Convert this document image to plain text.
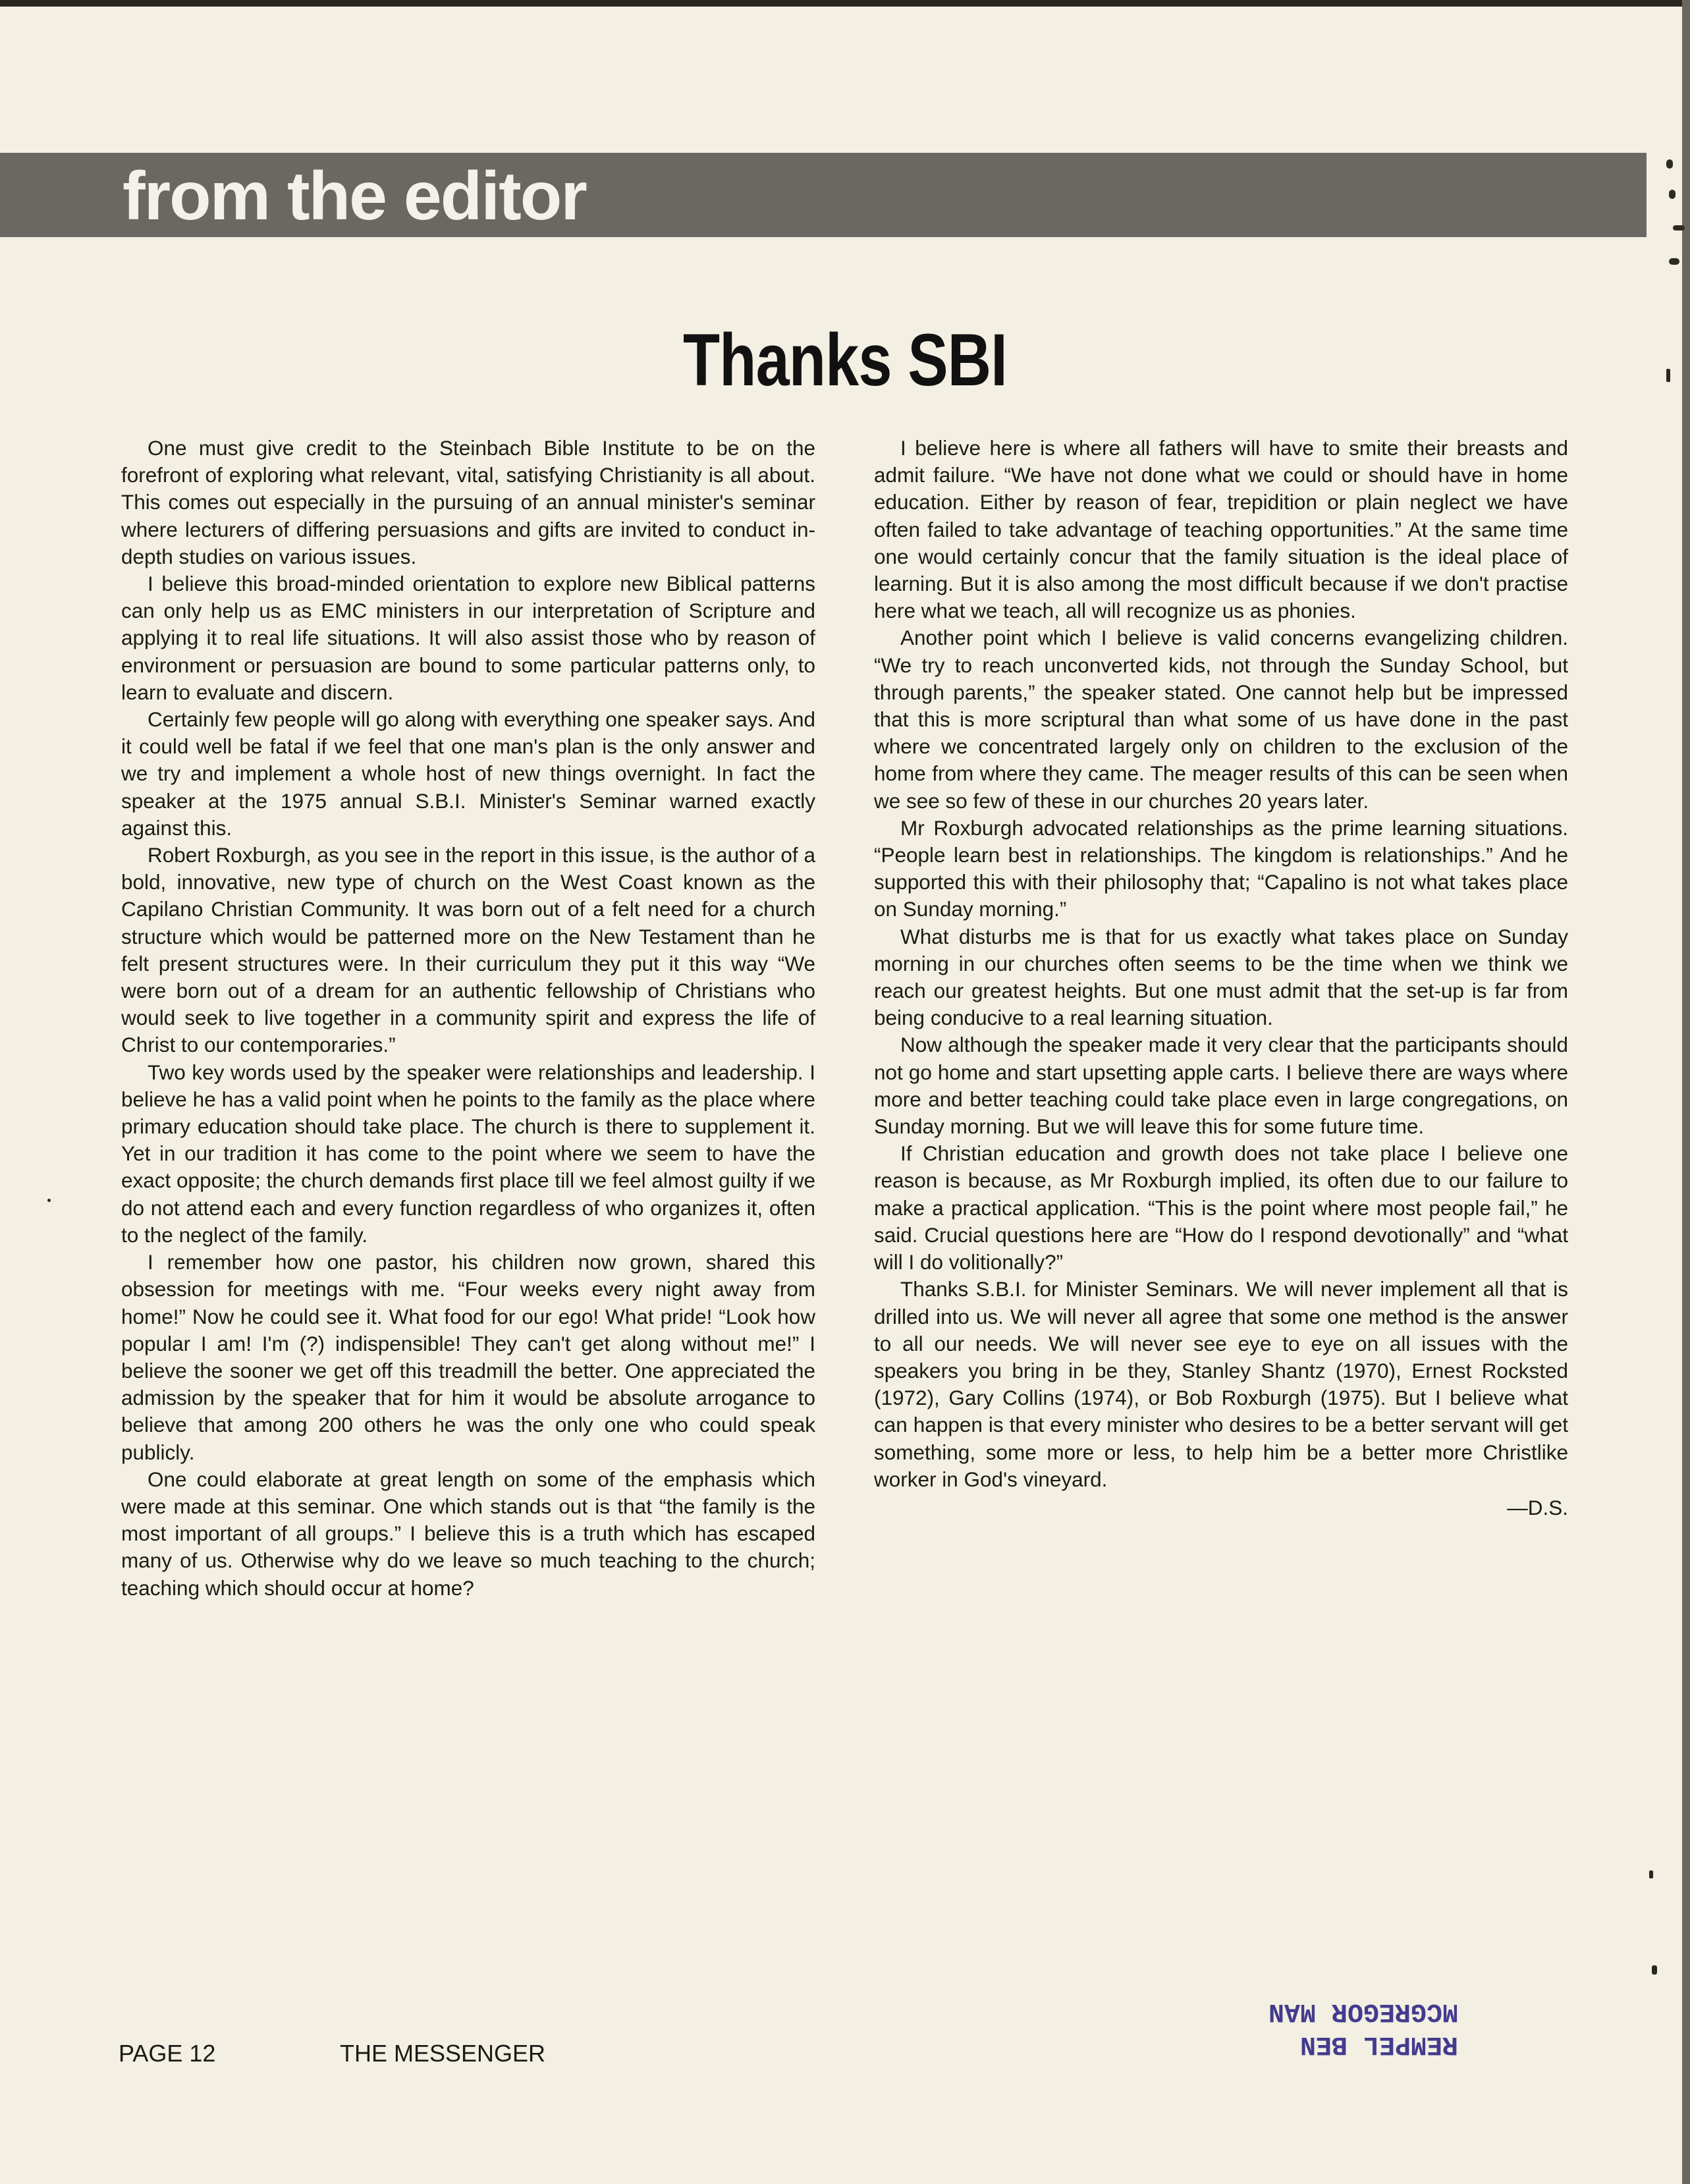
from the editor
Thanks SBI

One must give credit to the Steinbach Bible Institute to be on the forefront of exploring what relevant, vital, satisfying Christianity is all about. This comes out especially in the pursuing of an annual minister's seminar where lecturers of differing persuasions and gifts are invited to conduct in-depth studies on various issues.

I believe this broad-minded orientation to explore new Biblical patterns can only help us as EMC ministers in our interpretation of Scripture and applying it to real life situations. It will also assist those who by reason of environment or persuasion are bound to some particular patterns only, to learn to evaluate and discern.

Certainly few people will go along with everything one speaker says. And it could well be fatal if we feel that one man's plan is the only answer and we try and implement a whole host of new things overnight. In fact the speaker at the 1975 annual S.B.I. Minister's Seminar warned exactly against this.

Robert Roxburgh, as you see in the report in this issue, is the author of a bold, innovative, new type of church on the West Coast known as the Capilano Christian Community. It was born out of a felt need for a church structure which would be patterned more on the New Testament than he felt present structures were. In their curriculum they put it this way “We were born out of a dream for an authentic fellowship of Christians who would seek to live together in a community spirit and express the life of Christ to our contemporaries.”

Two key words used by the speaker were relationships and leadership. I believe he has a valid point when he points to the family as the place where primary education should take place. The church is there to supplement it. Yet in our tradition it has come to the point where we seem to have the exact opposite; the church demands first place till we feel almost guilty if we do not attend each and every function regardless of who organizes it, often to the neglect of the family.

I remember how one pastor, his children now grown, shared this obsession for meetings with me. “Four weeks every night away from home!” Now he could see it. What food for our ego! What pride! “Look how popular I am! I'm (?) indispensible! They can't get along without me!” I believe the sooner we get off this treadmill the better. One appreciated the admission by the speaker that for him it would be absolute arrogance to believe that among 200 others he was the only one who could speak publicly.

One could elaborate at great length on some of the emphasis which were made at this seminar. One which stands out is that “the family is the most important of all groups.” I believe this is a truth which has escaped many of us. Otherwise why do we leave so much teaching to the church; teaching which should occur at home?

I believe here is where all fathers will have to smite their breasts and admit failure. “We have not done what we could or should have in home education. Either by reason of fear, trepidition or plain neglect we have often failed to take advantage of teaching opportunities.” At the same time one would certainly concur that the family situation is the ideal place of learning. But it is also among the most difficult because if we don't practise here what we teach, all will recognize us as phonies.

Another point which I believe is valid concerns evangelizing children. “We try to reach unconverted kids, not through the Sunday School, but through parents,” the speaker stated. One cannot help but be impressed that this is more scriptural than what some of us have done in the past where we concentrated largely only on children to the exclusion of the home from where they came. The meager results of this can be seen when we see so few of these in our churches 20 years later.

Mr Roxburgh advocated relationships as the prime learning situations. “People learn best in relationships. The kingdom is relationships.” And he supported this with their philosophy that; “Capalino is not what takes place on Sunday morning.”

What disturbs me is that for us exactly what takes place on Sunday morning in our churches often seems to be the time when we think we reach our greatest heights. But one must admit that the set-up is far from being conducive to a real learning situation.

Now although the speaker made it very clear that the participants should not go home and start upsetting apple carts. I believe there are ways where more and better teaching could take place even in large congregations, on Sunday morning. But we will leave this for some future time.

If Christian education and growth does not take place I believe one reason is because, as Mr Roxburgh implied, its often due to our failure to make a practical application. “This is the point where most people fail,” he said. Crucial questions here are “How do I respond devotionally” and “what will I do volitionally?”

Thanks S.B.I. for Minister Seminars. We will never implement all that is drilled into us. We will never all agree that some one method is the answer to all our needs. We will never see eye to eye on all issues with the speakers you bring in be they, Stanley Shantz (1970), Ernest Rocksted (1972), Gary Collins (1974), or Bob Roxburgh (1975). But I believe what can happen is that every minister who desires to be a better servant will get something, some more or less, to help him be a better more Christlike worker in God's vineyard.

—D.S.

PAGE 12	THE MESSENGER	REMPEL BEN
MCGREGOR MAN
